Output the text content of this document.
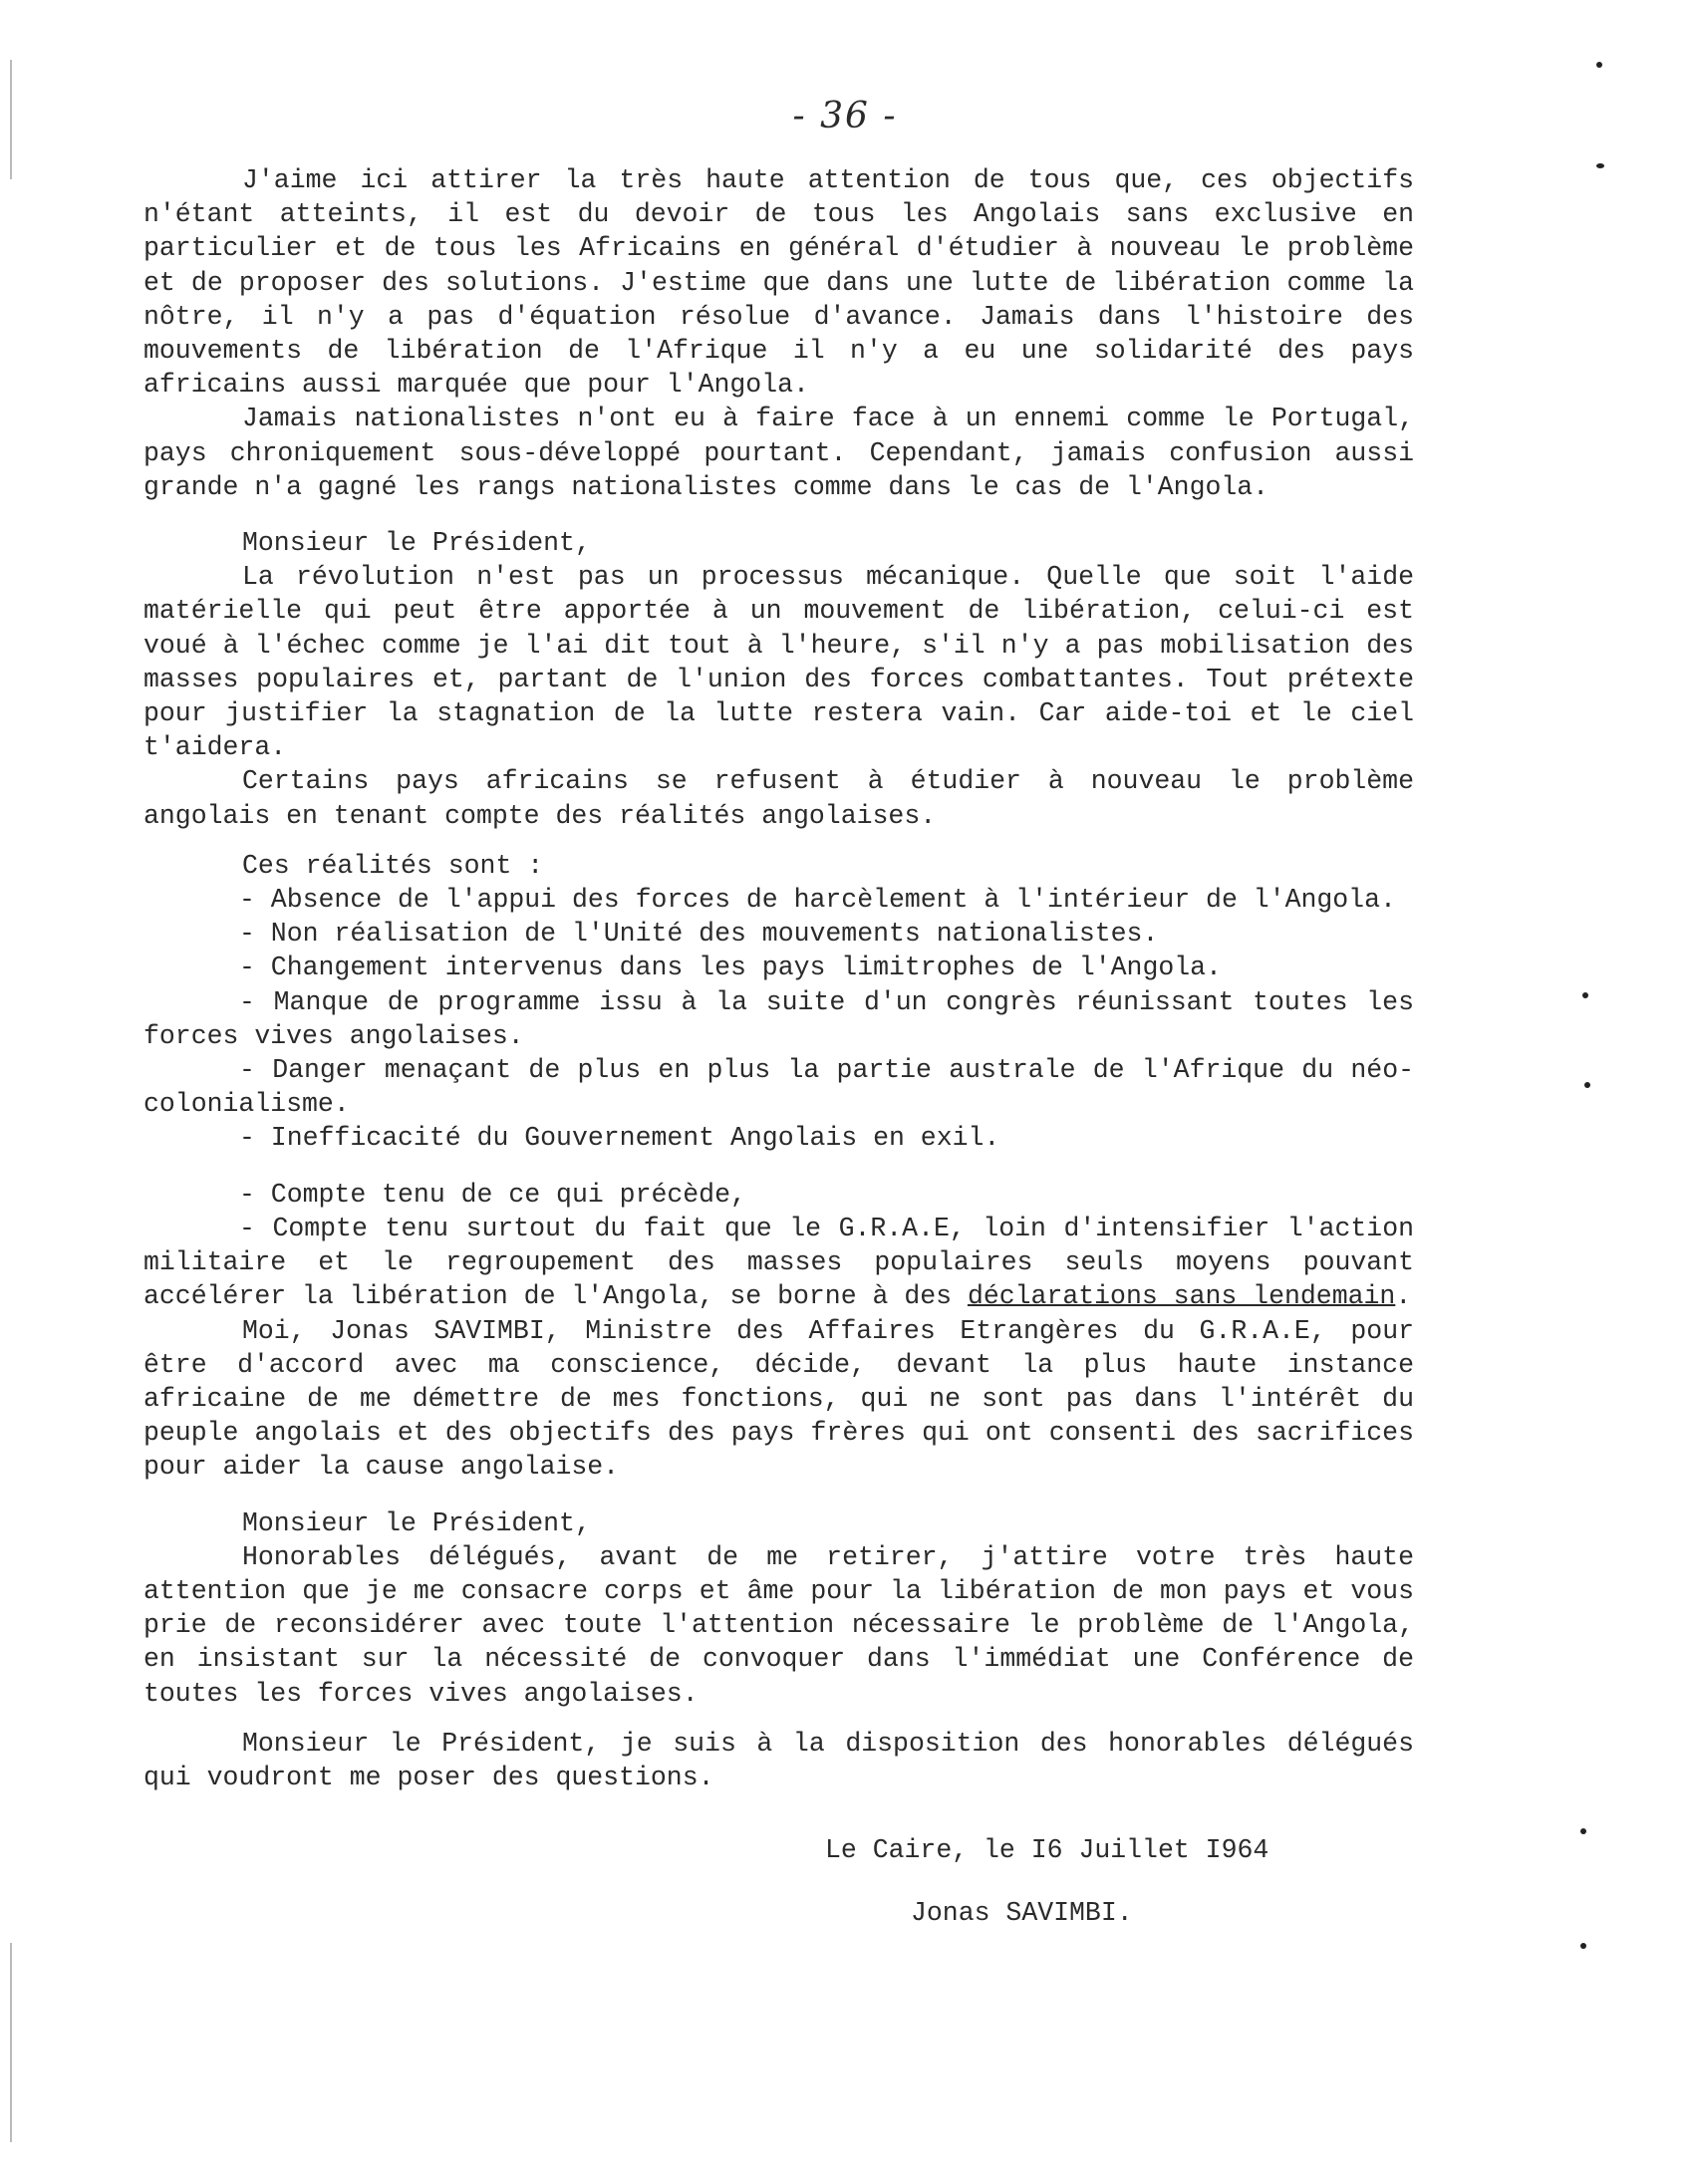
- 36 -

J'aime ici attirer la très haute attention de tous que, ces objectifs n'étant atteints, il est du devoir de tous les Angolais sans exclusive en particulier et de tous les Africains en général d'étudier à nouveau le problème et de proposer des solutions. J'estime que dans une lutte de libération comme la nôtre, il n'y a pas d'équation résolue d'avance. Jamais dans l'histoire des mouvements de libération de l'Afrique il n'y a eu une solidarité des pays africains aussi marquée que pour l'Angola.

Jamais nationalistes n'ont eu à faire face à un ennemi comme le Portugal, pays chroniquement sous-développé pourtant. Cependant, jamais confusion aussi grande n'a gagné les rangs nationalistes comme dans le cas de l'Angola.

Monsieur le Président,

La révolution n'est pas un processus mécanique. Quelle que soit l'aide matérielle qui peut être apportée à un mouvement de libération, celui-ci est voué à l'échec comme je l'ai dit tout à l'heure, s'il n'y a pas mobilisation des masses populaires et, partant de l'union des forces combattantes. Tout prétexte pour justifier la stagnation de la lutte restera vain. Car aide-toi et le ciel t'aidera.

Certains pays africains se refusent à étudier à nouveau le problème angolais en tenant compte des réalités angolaises.

Ces réalités sont :

- Absence de l'appui des forces de harcèlement à l'intérieur de l'Angola.

- Non réalisation de l'Unité des mouvements nationalistes.

- Changement intervenus dans les pays limitrophes de l'Angola.

- Manque de programme issu à la suite d'un congrès réunissant toutes les forces vives angolaises.

- Danger menaçant de plus en plus la partie australe de l'Afrique du néo-colonialisme.

- Inefficacité du Gouvernement Angolais en exil.

- Compte tenu de ce qui précède,

- Compte tenu surtout du fait que le G.R.A.E, loin d'intensifier l'action militaire et le regroupement des masses populaires seuls moyens pouvant accélérer la libération de l'Angola, se borne à des déclarations sans lendemain.

Moi, Jonas SAVIMBI, Ministre des Affaires Etrangères du G.R.A.E, pour être d'accord avec ma conscience, décide, devant la plus haute instance africaine de me démettre de mes fonctions, qui ne sont pas dans l'intérêt du peuple angolais et des objectifs des pays frères qui ont consenti des sacrifices pour aider la cause angolaise.

Monsieur le Président,

Honorables délégués, avant de me retirer, j'attire votre très haute attention que je me consacre corps et âme pour la libération de mon pays et vous prie de reconsidérer avec toute l'attention nécessaire le problème de l'Angola, en insistant sur la nécessité de convoquer dans l'immédiat une Conférence de toutes les forces vives angolaises.

Monsieur le Président, je suis à la disposition des honorables délégués qui voudront me poser des questions.

Le Caire, le I6 Juillet I964
Jonas SAVIMBI.
